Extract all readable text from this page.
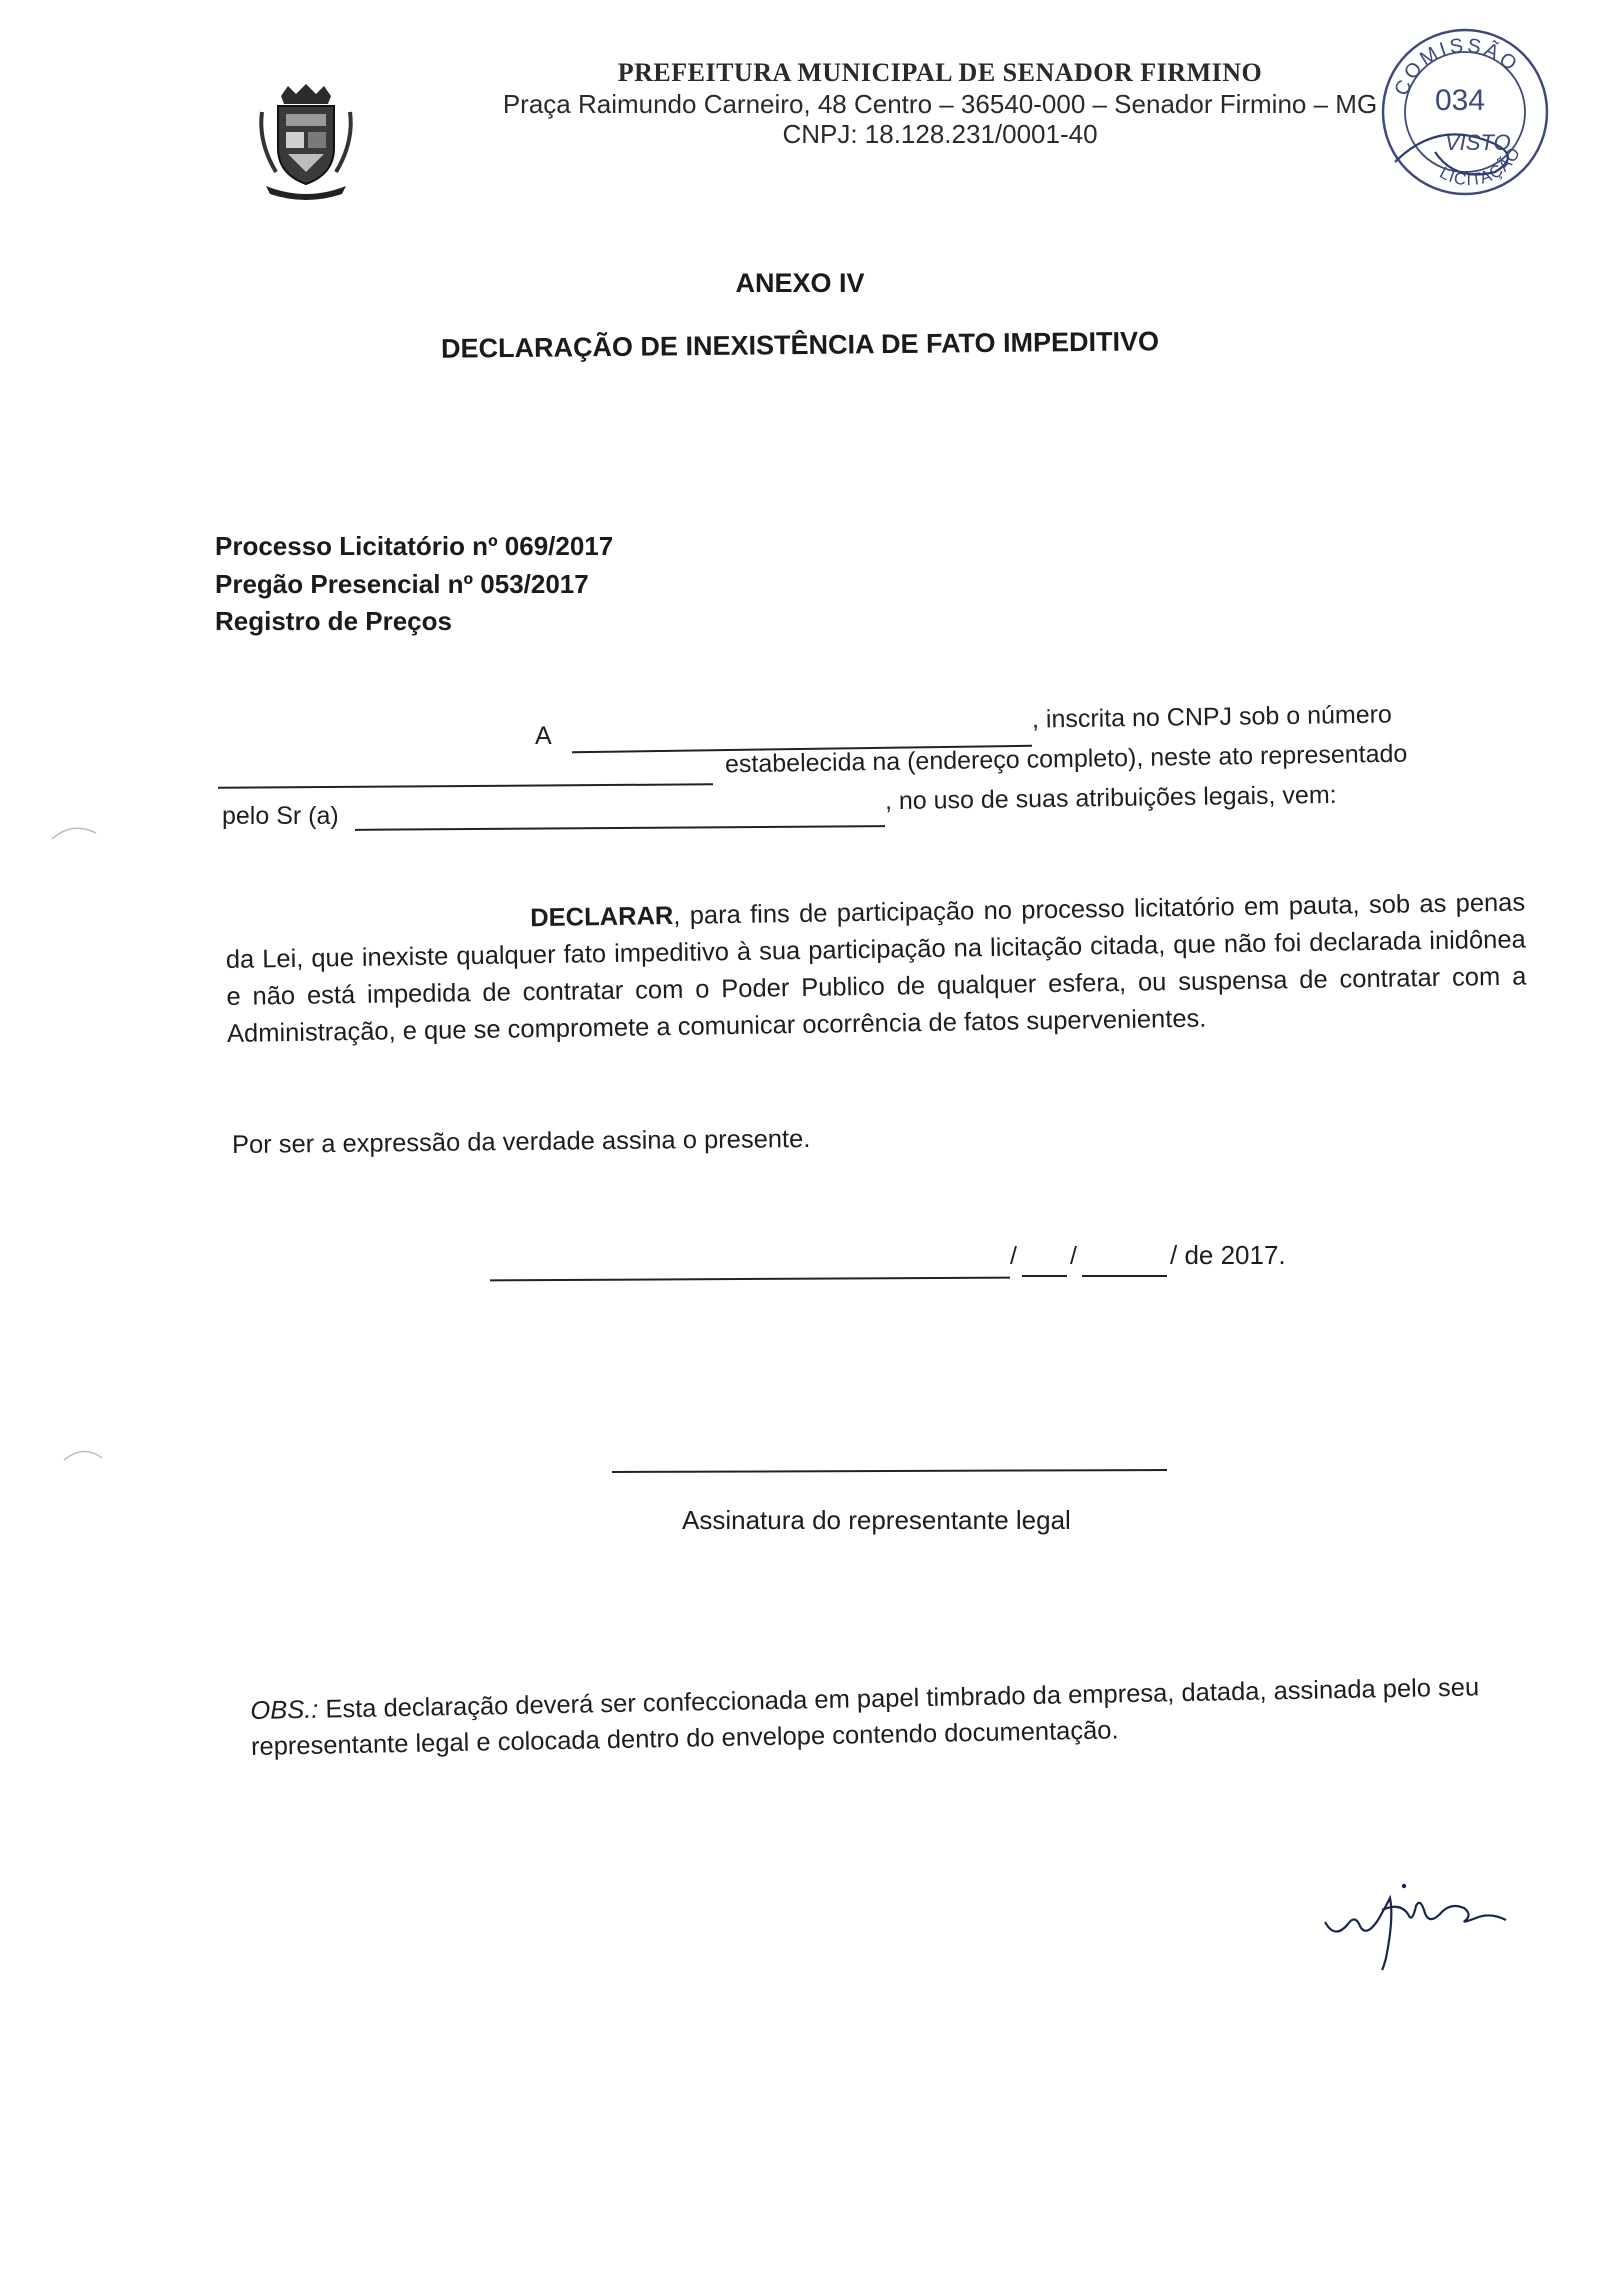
PREFEITURA MUNICIPAL DE SENADOR FIRMINO
Praça Raimundo Carneiro, 48 Centro – 36540-000 – Senador Firmino – MG
CNPJ: 18.128.231/0001-40
COMISSÃO
034
VISTO
LICITAÇÃO
ANEXO IV
DECLARAÇÃO DE INEXISTÊNCIA DE FATO IMPEDITIVO
Processo Licitatório nº 069/2017
Pregão Presencial nº 053/2017
Registro de Preços
A
, inscrita no CNPJ sob o número
estabelecida na (endereço completo), neste ato representado
pelo Sr (a)
, no uso de suas atribuições legais, vem:
DECLARAR, para fins de participação no processo licitatório em pauta, sob as penas da Lei, que inexiste qualquer fato impeditivo à sua participação na licitação citada, que não foi declarada inidônea e não está impedida de contratar com o Poder Publico de qualquer esfera, ou suspensa de contratar com a Administração, e que se compromete a comunicar ocorrência de fatos supervenientes.
Por ser a expressão da verdade assina o presente.
/ /	/ de 2017.
Assinatura do representante legal
OBS.: Esta declaração deverá ser confeccionada em papel timbrado da empresa, datada, assinada pelo seu representante legal e colocada dentro do envelope contendo documentação.
